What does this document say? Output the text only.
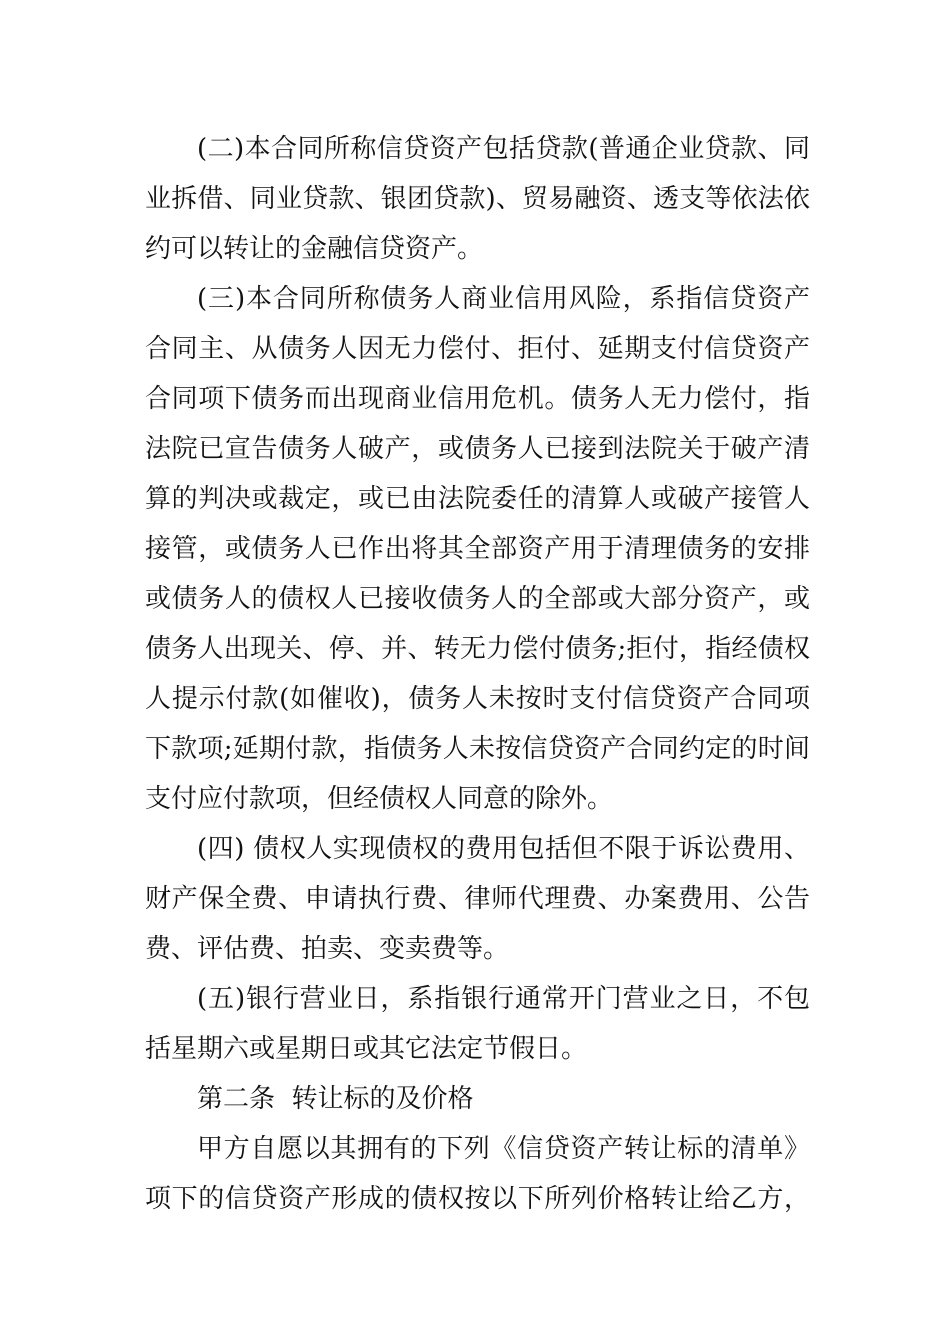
(二)本合同所称信贷资产包括贷款(普通企业贷款、同
业拆借、同业贷款、银团贷款)、贸易融资、透支等依法依
约可以转让的金融信贷资产。
(三)本合同所称债务人商业信用风险，系指信贷资产
合同主、从债务人因无力偿付、拒付、延期支付信贷资产
合同项下债务而出现商业信用危机。债务人无力偿付，指
法院已宣告债务人破产，或债务人已接到法院关于破产清
算的判决或裁定，或已由法院委任的清算人或破产接管人
接管，或债务人已作出将其全部资产用于清理债务的安排
或债务人的债权人已接收债务人的全部或大部分资产，或
债务人出现关、停、并、转无力偿付债务;拒付，指经债权
人提示付款(如催收)，债务人未按时支付信贷资产合同项
下款项;延期付款，指债务人未按信贷资产合同约定的时间
支付应付款项，但经债权人同意的除外。
(四) 债权人实现债权的费用包括但不限于诉讼费用、
财产保全费、申请执行费、律师代理费、办案费用、公告
费、评估费、拍卖、变卖费等。
(五)银行营业日，系指银行通常开门营业之日，不包
括星期六或星期日或其它法定节假日。
第二条  转让标的及价格
甲方自愿以其拥有的下列《信贷资产转让标的清单》
项下的信贷资产形成的债权按以下所列价格转让给乙方，
